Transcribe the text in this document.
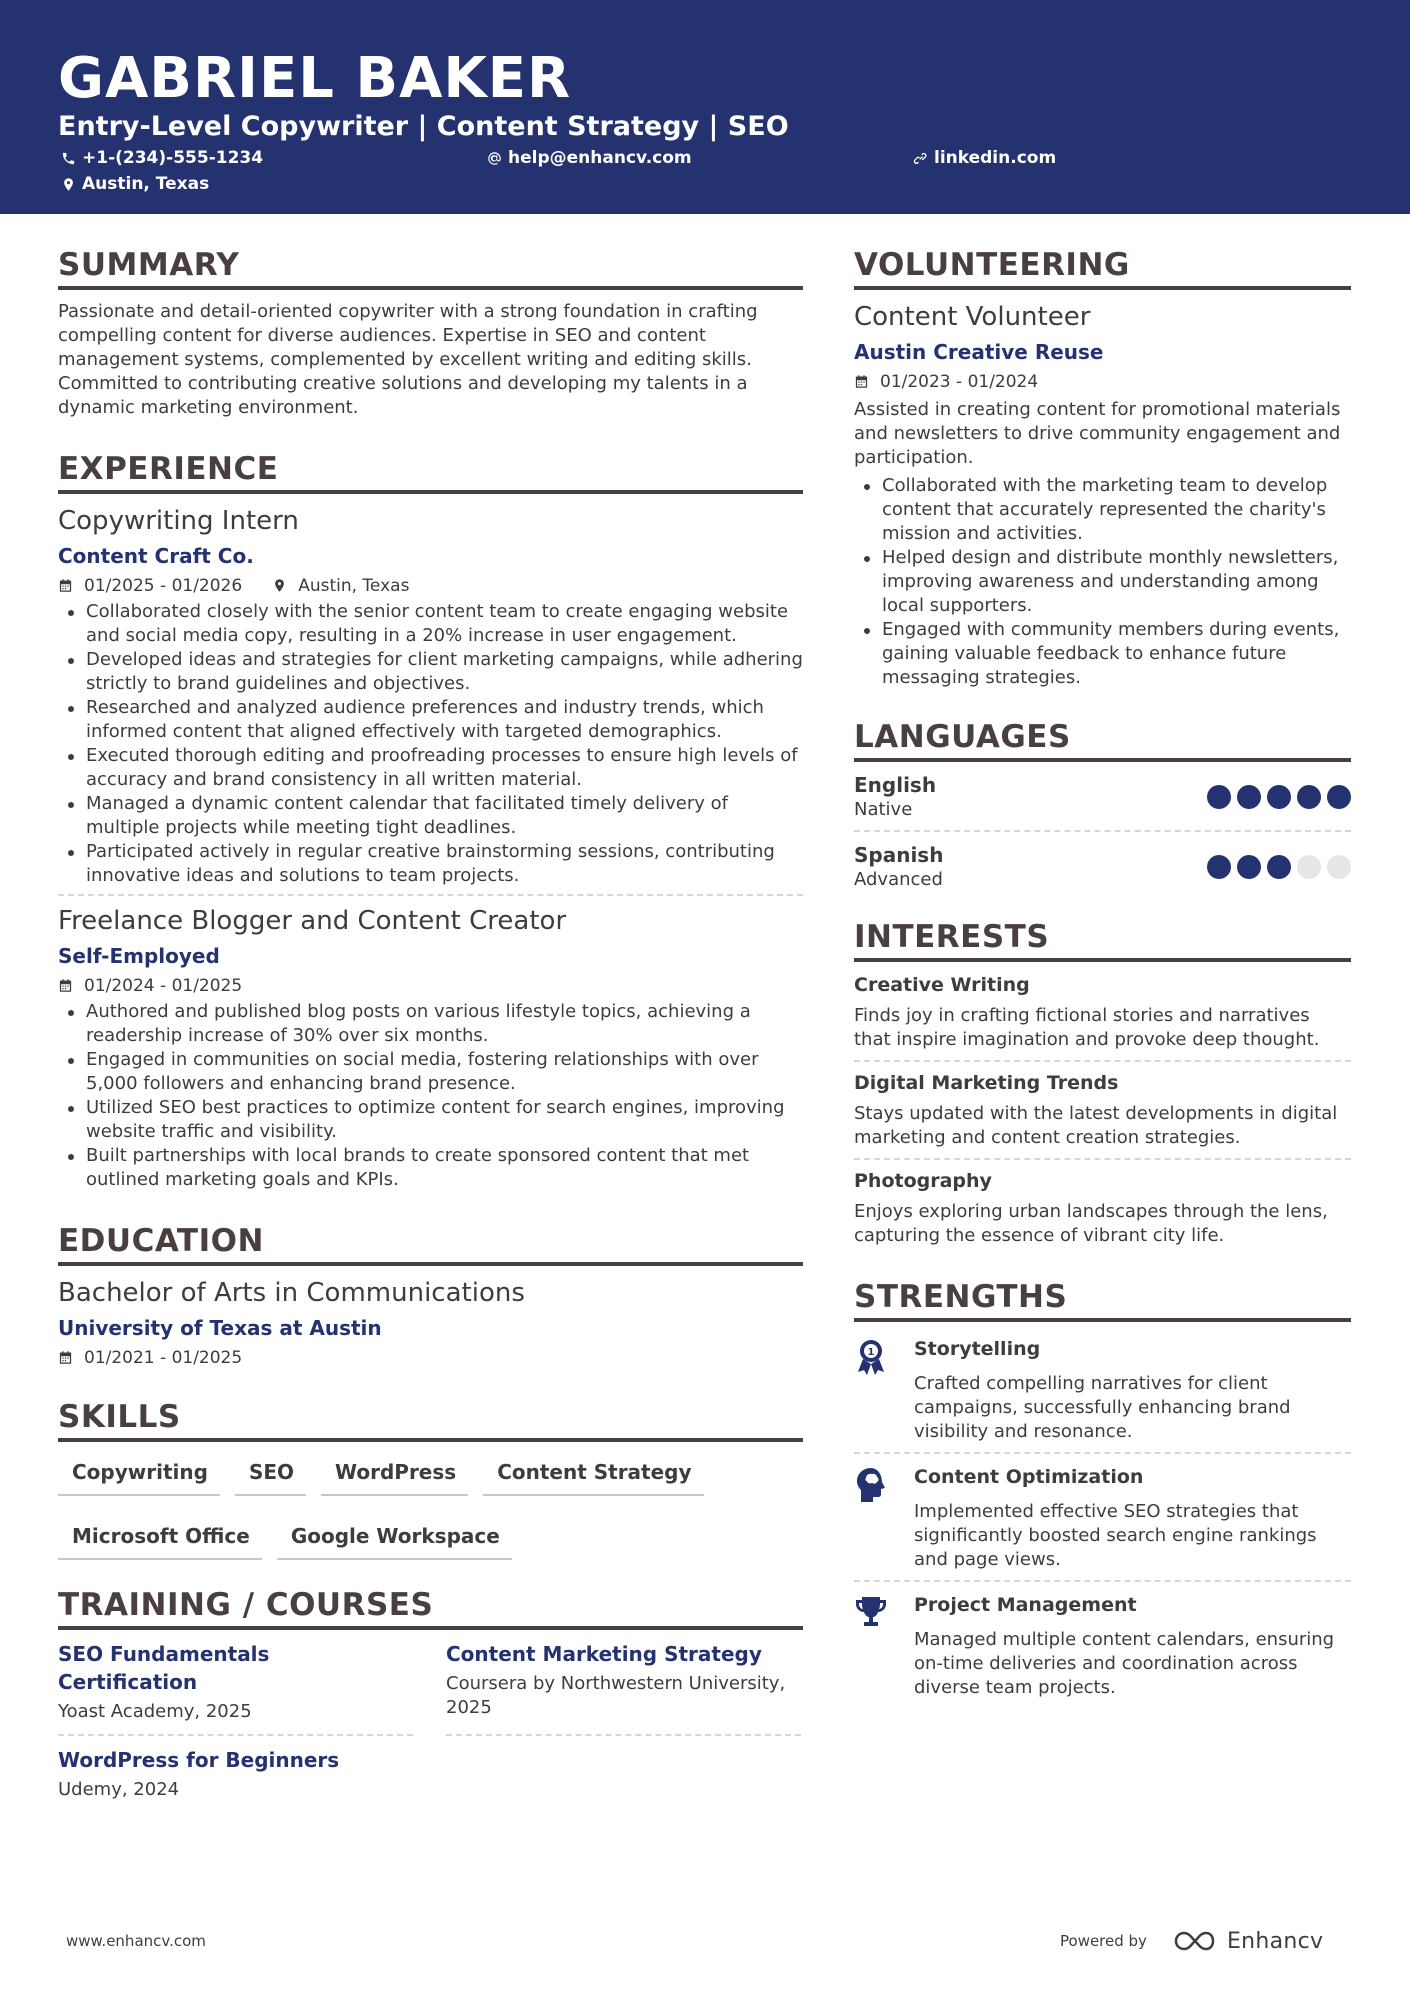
GABRIEL BAKER
Entry-Level Copywriter | Content Strategy | SEO
+1-(234)-555-1234	help@enhancv.com	linkedin.com
Austin, Texas
SUMMARY
Passionate and detail-oriented copywriter with a strong foundation in crafting compelling content for diverse audiences. Expertise in SEO and content management systems, complemented by excellent writing and editing skills. Committed to contributing creative solutions and developing my talents in a dynamic marketing environment.
EXPERIENCE
Copywriting Intern
Content Craft Co.
01/2025 - 01/2026	Austin, Texas
Collaborated closely with the senior content team to create engaging website and social media copy, resulting in a 20% increase in user engagement.
Developed ideas and strategies for client marketing campaigns, while adhering strictly to brand guidelines and objectives.
Researched and analyzed audience preferences and industry trends, which informed content that aligned effectively with targeted demographics.
Executed thorough editing and proofreading processes to ensure high levels of accuracy and brand consistency in all written material.
Managed a dynamic content calendar that facilitated timely delivery of multiple projects while meeting tight deadlines.
Participated actively in regular creative brainstorming sessions, contributing innovative ideas and solutions to team projects.
Freelance Blogger and Content Creator
Self-Employed
01/2024 - 01/2025
Authored and published blog posts on various lifestyle topics, achieving a readership increase of 30% over six months.
Engaged in communities on social media, fostering relationships with over 5,000 followers and enhancing brand presence.
Utilized SEO best practices to optimize content for search engines, improving website traffic and visibility.
Built partnerships with local brands to create sponsored content that met outlined marketing goals and KPIs.
EDUCATION
Bachelor of Arts in Communications
University of Texas at Austin
01/2021 - 01/2025
SKILLS
Copywriting	SEO	WordPress	Content Strategy
Microsoft Office	Google Workspace
TRAINING / COURSES
SEO Fundamentals Certification
Yoast Academy, 2025
Content Marketing Strategy
Coursera by Northwestern University, 2025
WordPress for Beginners
Udemy, 2024
VOLUNTEERING
Content Volunteer
Austin Creative Reuse
01/2023 - 01/2024
Assisted in creating content for promotional materials and newsletters to drive community engagement and participation.
Collaborated with the marketing team to develop content that accurately represented the charity's mission and activities.
Helped design and distribute monthly newsletters, improving awareness and understanding among local supporters.
Engaged with community members during events, gaining valuable feedback to enhance future messaging strategies.
LANGUAGES
English
Native
Spanish
Advanced
INTERESTS
Creative Writing
Finds joy in crafting fictional stories and narratives that inspire imagination and provoke deep thought.
Digital Marketing Trends
Stays updated with the latest developments in digital marketing and content creation strategies.
Photography
Enjoys exploring urban landscapes through the lens, capturing the essence of vibrant city life.
STRENGTHS
1 Storytelling
Crafted compelling narratives for client campaigns, successfully enhancing brand visibility and resonance.
Content Optimization
Implemented effective SEO strategies that significantly boosted search engine rankings and page views.
Project Management
Managed multiple content calendars, ensuring on-time deliveries and coordination across diverse team projects.
www.enhancv.com	Powered by	Enhancv
